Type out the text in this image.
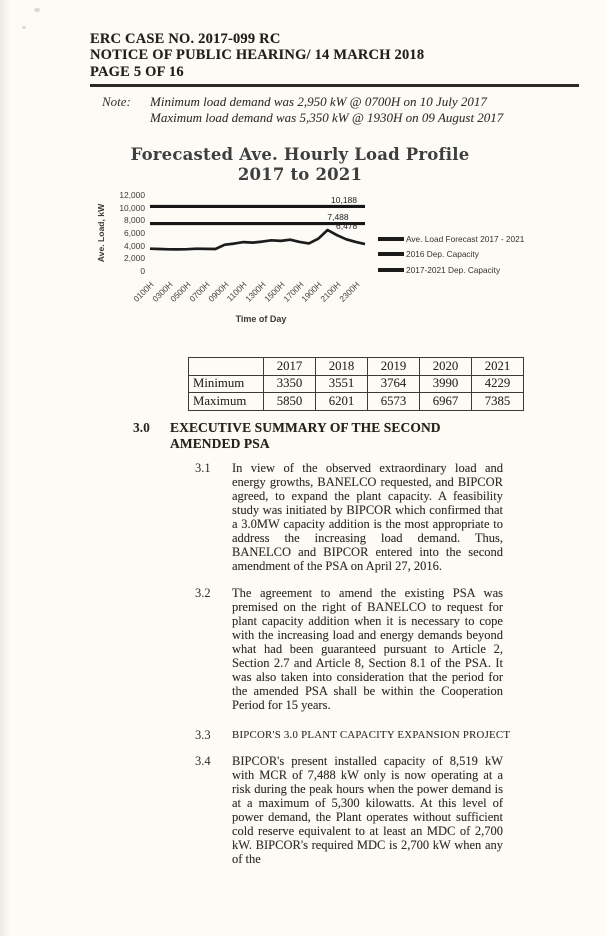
ERC CASE NO. 2017-099 RC
NOTICE OF PUBLIC HEARING/ 14 MARCH 2018
PAGE 5 OF 16
Note: Minimum load demand was 2,950 kW @ 0700H on 10 July 2017
Maximum load demand was 5,350 kW @ 1930H on 09 August 2017
Forecasted Ave. Hourly Load Profile
2017 to 2021
Ave. Load, kW
0
2,000
4,000
6,000
8,000
10,000
12,000
0100H
0300H
0500H
0700H
0900H
1100H
1300H
1500H
1700H
1900H
2100H
2300H
Time of Day
10,188
7,488
6,478
Ave. Load Forecast 2017 - 2021
2016 Dep. Capacity
2017-2021 Dep. Capacity
	2017	2018	2019	2020	2021
Minimum	3350	3551	3764	3990	4229
Maximum	5850	6201	6573	6967	7385
3.0 EXECUTIVE SUMMARY OF THE SECOND AMENDED PSA
3.1 In view of the observed extraordinary load and energy growths, BANELCO requested, and BIPCOR agreed, to expand the plant capacity. A feasibility study was initiated by BIPCOR which confirmed that a 3.0MW capacity addition is the most appropriate to address the increasing load demand. Thus, BANELCO and BIPCOR entered into the second amendment of the PSA on April 27, 2016.
3.2 The agreement to amend the existing PSA was premised on the right of BANELCO to request for plant capacity addition when it is necessary to cope with the increasing load and energy demands beyond what had been guaranteed pursuant to Article 2, Section 2.7 and Article 8, Section 8.1 of the PSA. It was also taken into consideration that the period for the amended PSA shall be within the Cooperation Period for 15 years.
3.3 BIPCOR'S 3.0 PLANT CAPACITY EXPANSION PROJECT
3.4 BIPCOR's present installed capacity of 8,519 kW with MCR of 7,488 kW only is now operating at a risk during the peak hours when the power demand is at a maximum of 5,300 kilowatts. At this level of power demand, the Plant operates without sufficient cold reserve equivalent to at least an MDC of 2,700 kW. BIPCOR's required MDC is 2,700 kW when any of the
